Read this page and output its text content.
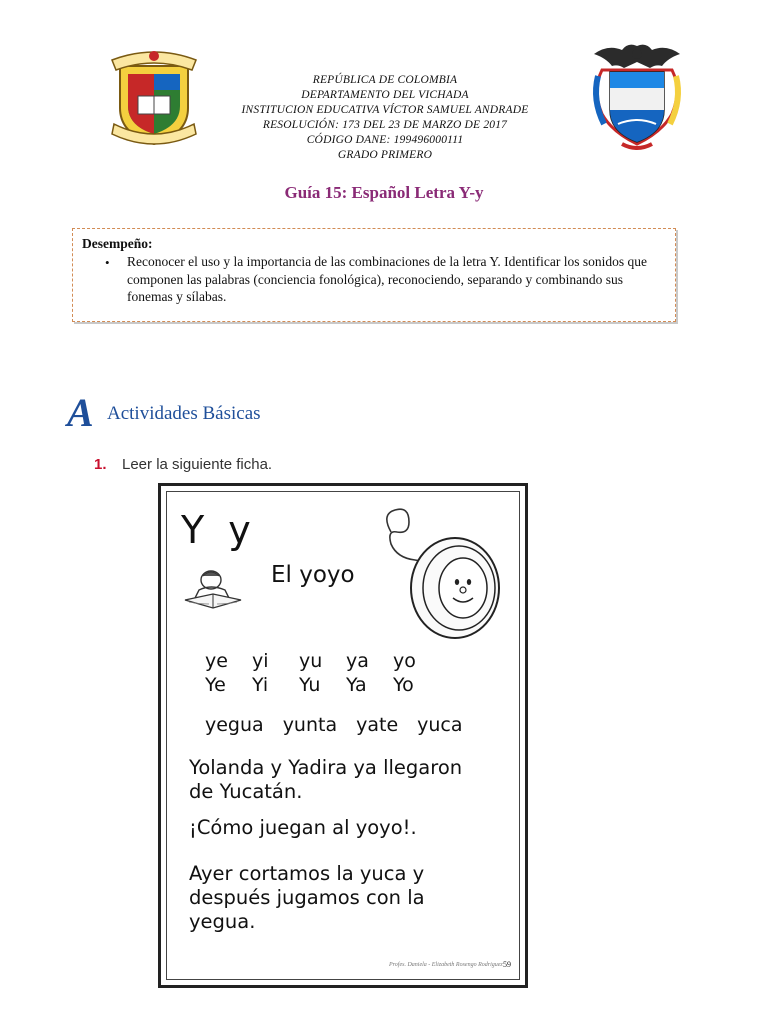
REPÚBLICA DE COLOMBIA
DEPARTAMENTO DEL VICHADA
INSTITUCION EDUCATIVA VÍCTOR SAMUEL ANDRADE
RESOLUCIÓN: 173 DEL 23 DE MARZO DE 2017
CÓDIGO DANE: 199496000111
GRADO PRIMERO
Guía 15: Español Letra Y-y
Desempeño:
• Reconocer el uso y la importancia de las combinaciones de la letra Y. Identificar los sonidos que componen las palabras (conciencia fonológica), reconociendo, separando y combinando sus fonemas y sílabas.
A Actividades Básicas
1. Leer la siguiente ficha.
Y y
El yoyo
ye	yi	yu	ya	yo
Ye	Yi	Yu	Ya	Yo
yegua yunta yate yuca
Yolanda y Yadira ya llegaron de Yucatán.
¡Cómo juegan al yoyo!.
Ayer cortamos la yuca y después jugamos con la yegua.
Profes. Daniela - Elizabeth Rosengo Rodriguez 59
